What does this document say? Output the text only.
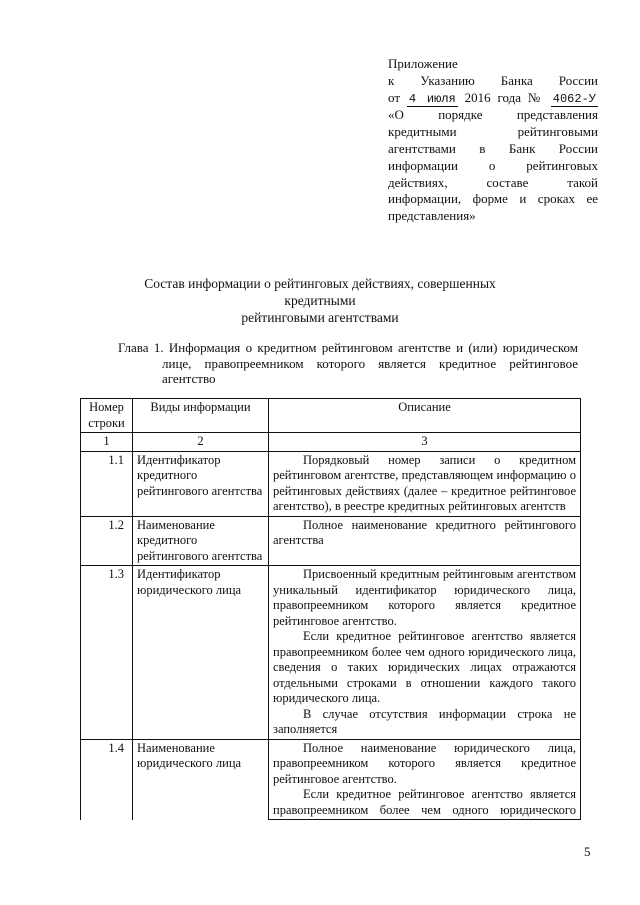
Приложение
к Указанию Банка России
от 4 июля 2016 года № 4062-У
«О порядке представления
кредитными рейтинговыми
агентствами в Банк России
информации о рейтинговых
действиях, составе такой
информации, форме и сроках ее
представления»
Состав информации о рейтинговых действиях, совершенных кредитными
рейтинговыми агентствами
Глава 1. Информация о кредитном рейтинговом агентстве и (или) юридическом
лице, правопреемником которого является кредитное рейтинговое
агентство
Номер строки	Виды информации	Описание
1	2	3
1.1	Идентификатор кредитного рейтингового агентства	Порядковый номер записи о кредитном рейтинговом агентстве, представляющем информацию о рейтинговых действиях (далее – кредитное рейтинговое агентство), в реестре кредитных рейтинговых агентств

1.2	Наименование кредитного рейтингового агентства	Полное наименование кредитного рейтингового агентства

1.3	Идентификатор юридического лица	Присвоенный кредитным рейтинговым агентством уникальный идентификатор юридического лица, правопреемником которого является кредитное рейтинговое агентство.

Если кредитное рейтинговое агентство является правопреемником более чем одного юридического лица, сведения о таких юридических лицах отражаются отдельными строками в отношении каждого такого юридического лица.

В случае отсутствия информации строка не заполняется

1.4	Наименование юридического лица	Полное наименование юридического лица, правопреемником которого является кредитное рейтинговое агентство.

Если кредитное рейтинговое агентство является правопреемником более чем одного юридического

5
